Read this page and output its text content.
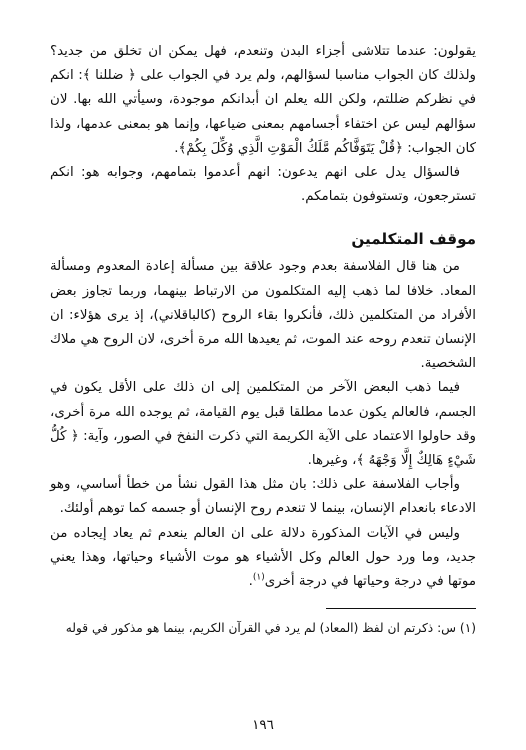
يقولون: عندما تتلاشى أجزاء البدن وتنعدم، فهل يمكن ان تخلق من جديد؟ ولذلك كان الجواب مناسبا لسؤالهم، ولم يرد في الجواب على ﴿ ضللنا ﴾: انكم في نظركم ضللتم، ولكن الله يعلم ان أبدانكم موجودة، وسيأتي الله بها. لان سؤالهم ليس عن اختفاء أجسامهم بمعنى ضياعها، وإنما هو بمعنى عدمها، ولذا كان الجواب: ﴿قُلْ يَتَوَفَّاكُم مَّلَكُ الْمَوْتِ الَّذِي وُكِّلَ بِكُمْ﴾.

فالسؤال يدل على انهم يدعون: انهم أعدموا بتمامهم، وجوابه هو: انكم تسترجعون، وتستوفون بتمامكم.

موقف المتكلمين

من هنا قال الفلاسفة بعدم وجود علاقة بين مسألة إعادة المعدوم ومسألة المعاد. خلافا لما ذهب إليه المتكلمون من الارتباط بينهما، وربما تجاوز بعض الأفراد من المتكلمين ذلك، فأنكروا بقاء الروح (كالباقلاني)، إذ يرى هؤلاء: ان الإنسان تنعدم روحه عند الموت، ثم يعيدها الله مرة أخرى، لان الروح هي ملاك الشخصية.

فيما ذهب البعض الآخر من المتكلمين إلى ان ذلك على الأقل يكون في الجسم، فالعالم يكون عدما مطلقا قبل يوم القيامة، ثم يوجده الله مرة أخرى، وقد حاولوا الاعتماد على الآية الكريمة التي ذكرت النفخ في الصور، وآية: ﴿ كُلُّ شَيْءٍ هَالِكٌ إِلَّا وَجْهَهُ ﴾، وغيرها.

وأجاب الفلاسفة على ذلك: بان مثل هذا القول نشأ من خطأ أساسي، وهو الادعاء بانعدام الإنسان، بينما لا تنعدم روح الإنسان أو جسمه كما توهم أولئك.

وليس في الآيات المذكورة دلالة على ان العالم ينعدم ثم يعاد إيجاده من جديد، وما ورد حول العالم وكل الأشياء هو موت الأشياء وحياتها، وهذا يعني موتها في درجة وحياتها في درجة أخرى$^{(١)}$.

(١) س: ذكرتم ان لفظ (المعاد) لم يرد في القرآن الكريم، بينما هو مذكور في قوله

١٩٦
